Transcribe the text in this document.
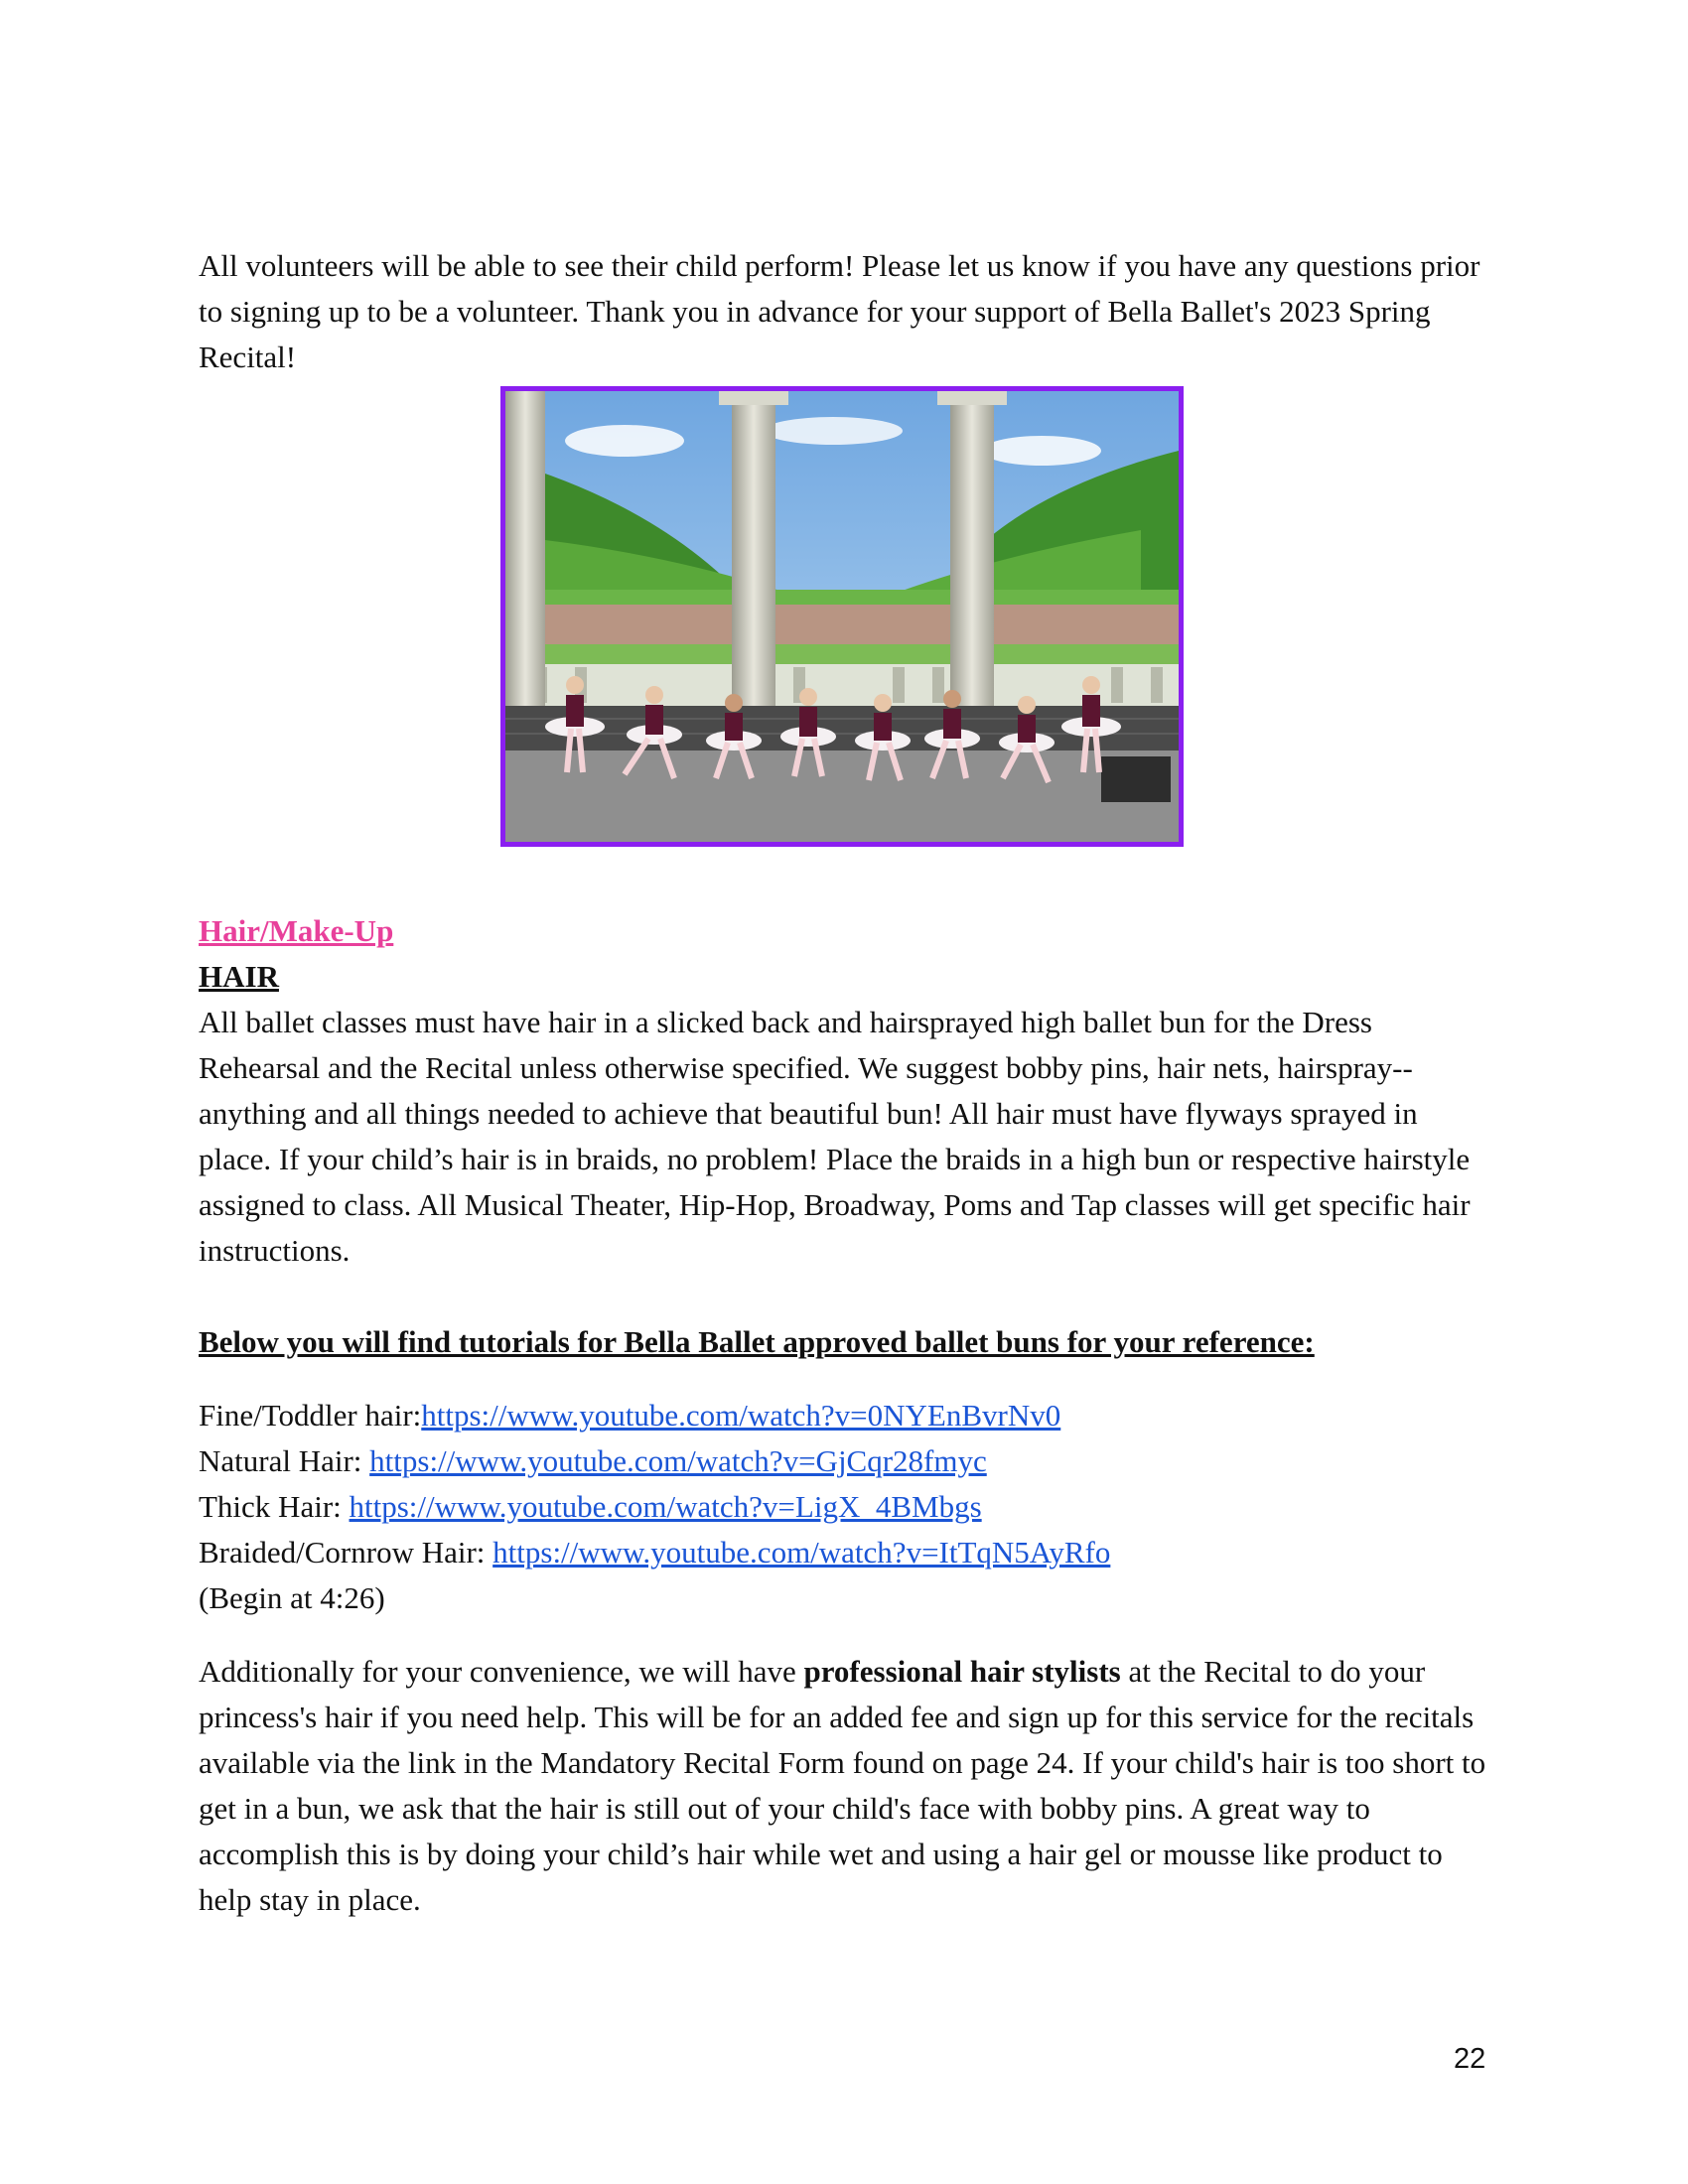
All volunteers will be able to see their child perform! Please let us know if you have any questions prior to signing up to be a volunteer. Thank you in advance for your support of Bella Ballet's 2023 Spring Recital!

Hair/Make-Up
HAIR

All ballet classes must have hair in a slicked back and hairsprayed high ballet bun for the Dress Rehearsal and the Recital unless otherwise specified. We suggest bobby pins, hair nets, hairspray--anything and all things needed to achieve that beautiful bun! All hair must have flyways sprayed in place. If your child’s hair is in braids, no problem! Place the braids in a high bun or respective hairstyle assigned to class. All Musical Theater, Hip-Hop, Broadway, Poms and Tap classes will get specific hair instructions.

Below you will find tutorials for Bella Ballet approved ballet buns for your reference:
Fine/Toddler hair:https://www.youtube.com/watch?v=0NYEnBvrNv0
Natural Hair: https://www.youtube.com/watch?v=GjCqr28fmyc
Thick Hair: https://www.youtube.com/watch?v=LigX_4BMbgs
Braided/Cornrow Hair: https://www.youtube.com/watch?v=ItTqN5AyRfo
(Begin at 4:26)

Additionally for your convenience, we will have professional hair stylists at the Recital to do your princess's hair if you need help. This will be for an added fee and sign up for this service for the recitals available via the link in the Mandatory Recital Form found on page 24. If your child's hair is too short to get in a bun, we ask that the hair is still out of your child's face with bobby pins. A great way to accomplish this is by doing your child’s hair while wet and using a hair gel or mousse like product to help stay in place.

22
